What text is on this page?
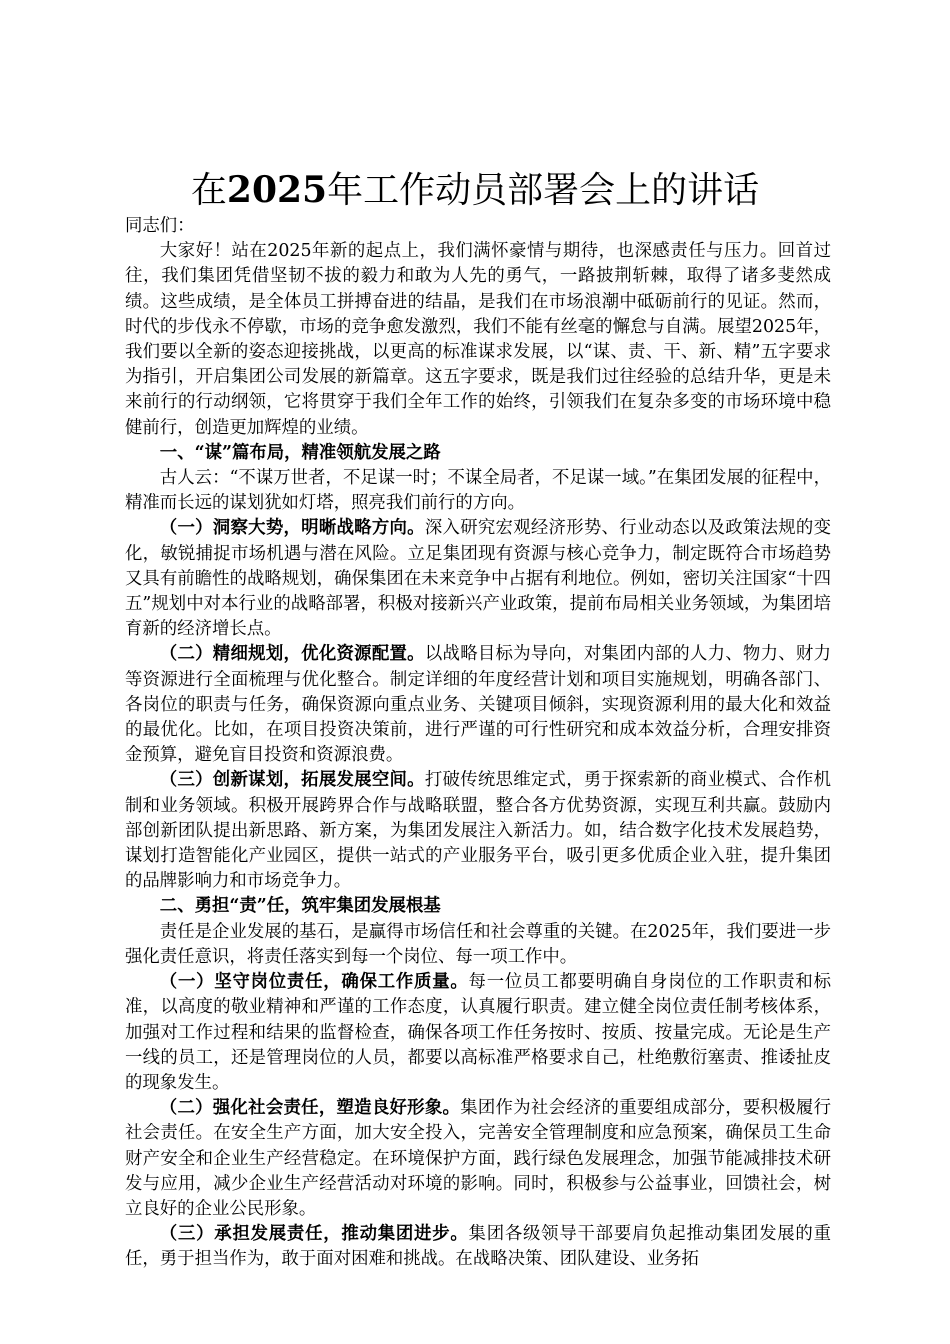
在2025年工作动员部署会上的讲话

同志们：

大家好！站在2025年新的起点上，我们满怀豪情与期待，也深感责任与压力。回首过往，我们集团凭借坚韧不拔的毅力和敢为人先的勇气，一路披荆斩棘，取得了诸多斐然成绩。这些成绩，是全体员工拼搏奋进的结晶，是我们在市场浪潮中砥砺前行的见证。然而，时代的步伐永不停歇，市场的竞争愈发激烈，我们不能有丝毫的懈怠与自满。展望2025年，我们要以全新的姿态迎接挑战，以更高的标准谋求发展，以“谋、责、干、新、精”五字要求为指引，开启集团公司发展的新篇章。这五字要求，既是我们过往经验的总结升华，更是未来前行的行动纲领，它将贯穿于我们全年工作的始终，引领我们在复杂多变的市场环境中稳健前行，创造更加辉煌的业绩。

一、“谋”篇布局，精准领航发展之路

古人云：“不谋万世者，不足谋一时；不谋全局者，不足谋一域。”在集团发展的征程中，精准而长远的谋划犹如灯塔，照亮我们前行的方向。

（一）洞察大势，明晰战略方向。深入研究宏观经济形势、行业动态以及政策法规的变化，敏锐捕捉市场机遇与潜在风险。立足集团现有资源与核心竞争力，制定既符合市场趋势又具有前瞻性的战略规划，确保集团在未来竞争中占据有利地位。例如，密切关注国家“十四五”规划中对本行业的战略部署，积极对接新兴产业政策，提前布局相关业务领域，为集团培育新的经济增长点。

（二）精细规划，优化资源配置。以战略目标为导向，对集团内部的人力、物力、财力等资源进行全面梳理与优化整合。制定详细的年度经营计划和项目实施规划，明确各部门、各岗位的职责与任务，确保资源向重点业务、关键项目倾斜，实现资源利用的最大化和效益的最优化。比如，在项目投资决策前，进行严谨的可行性研究和成本效益分析，合理安排资金预算，避免盲目投资和资源浪费。

（三）创新谋划，拓展发展空间。打破传统思维定式，勇于探索新的商业模式、合作机制和业务领域。积极开展跨界合作与战略联盟，整合各方优势资源，实现互利共赢。鼓励内部创新团队提出新思路、新方案，为集团发展注入新活力。如，结合数字化技术发展趋势，谋划打造智能化产业园区，提供一站式的产业服务平台，吸引更多优质企业入驻，提升集团的品牌影响力和市场竞争力。

二、勇担“责”任，筑牢集团发展根基

责任是企业发展的基石，是赢得市场信任和社会尊重的关键。在2025年，我们要进一步强化责任意识，将责任落实到每一个岗位、每一项工作中。

（一）坚守岗位责任，确保工作质量。每一位员工都要明确自身岗位的工作职责和标准，以高度的敬业精神和严谨的工作态度，认真履行职责。建立健全岗位责任制考核体系，加强对工作过程和结果的监督检查，确保各项工作任务按时、按质、按量完成。无论是生产一线的员工，还是管理岗位的人员，都要以高标准严格要求自己，杜绝敷衍塞责、推诿扯皮的现象发生。

（二）强化社会责任，塑造良好形象。集团作为社会经济的重要组成部分，要积极履行社会责任。在安全生产方面，加大安全投入，完善安全管理制度和应急预案，确保员工生命财产安全和企业生产经营稳定。在环境保护方面，践行绿色发展理念，加强节能减排技术研发与应用，减少企业生产经营活动对环境的影响。同时，积极参与公益事业，回馈社会，树立良好的企业公民形象。

（三）承担发展责任，推动集团进步。集团各级领导干部要肩负起推动集团发展的重任，勇于担当作为，敢于面对困难和挑战。在战略决策、团队建设、业务拓
